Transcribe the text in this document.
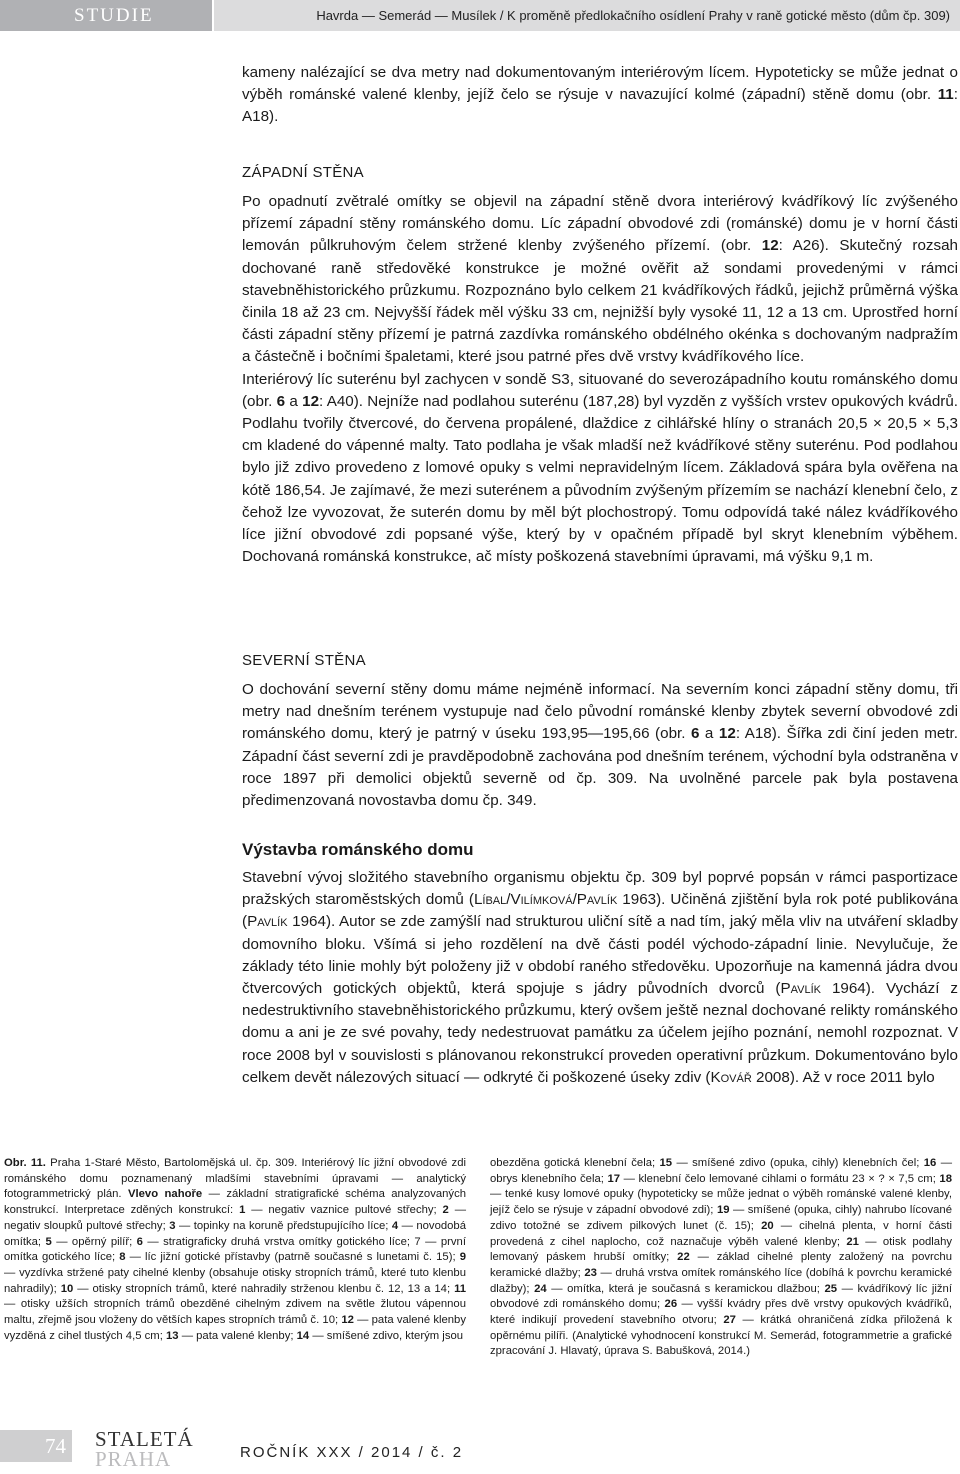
STUDIE	Havrda — Semerád — Musílek / K proměně předlokačního osídlení Prahy v raně gotické město (dům čp. 309)

kameny nalézající se dva metry nad dokumentovaným interiérovým lícem. Hypoteticky se může jednat o výběh románské valené klenby, jejíž čelo se rýsuje v navazující kolmé (západní) stěně domu (obr. 11: A18).

ZÁPADNÍ STĚNA

Po opadnutí zvětralé omítky se objevil na západní stěně dvora interiérový kvádříkový líc zvýšeného přízemí západní stěny románského domu. Líc západní obvodové zdi (románské) domu je v horní části lemován půlkruhovým čelem stržené klenby zvýšeného přízemí. (obr. 12: A26). Skutečný rozsah dochované raně středověké konstrukce je možné ověřit až sondami provedenými v rámci stavebněhistorického průzkumu. Rozpoznáno bylo celkem 21 kvádříkových řádků, jejichž průměrná výška činila 18 až 23 cm. Nejvyšší řádek měl výšku 33 cm, nejnižší byly vysoké 11, 12 a 13 cm. Uprostřed horní části západní stěny přízemí je patrná zazdívka románského obdélného okénka s dochovaným nadpražím a částečně i bočními špaletami, které jsou patrné přes dvě vrstvy kvádříkového líce.

Interiérový líc suterénu byl zachycen v sondě S3, situované do severozápadního koutu románského domu (obr. 6 a 12: A40). Nejníže nad podlahou suterénu (187,28) byl vyzděn z vyšších vrstev opukových kvádrů. Podlahu tvořily čtvercové, do červena propálené, dlaždice z cihlářské hlíny o stranách 20,5 × 20,5 × 5,3 cm kladené do vápenné malty. Tato podlaha je však mladší než kvádříkové stěny suterénu. Pod podlahou bylo již zdivo provedeno z lomové opuky s velmi nepravidelným lícem. Základová spára byla ověřena na kótě 186,54. Je zajímavé, že mezi suterénem a původním zvýšeným přízemím se nachází klenební čelo, z čehož lze vyvozovat, že suterén domu by měl být plochostropý. Tomu odpovídá také nález kvádříkového líce jižní obvodové zdi popsané výše, který by v opačném případě byl skryt klenebním výběhem. Dochovaná románská konstrukce, ač místy poškozená stavebními úpravami, má výšku 9,1 m.

SEVERNÍ STĚNA

O dochování severní stěny domu máme nejméně informací. Na severním konci západní stěny domu, tři metry nad dnešním terénem vystupuje nad čelo původní románské klenby zbytek severní obvodové zdi románského domu, který je patrný v úseku 193,95—195,66 (obr. 6 a 12: A18). Šířka zdi činí jeden metr. Západní část severní zdi je pravděpodobně zachována pod dnešním terénem, východní byla odstraněna v roce 1897 při demolici objektů severně od čp. 309. Na uvolněné parcele pak byla postavena předimenzovaná novostavba domu čp. 349.

Výstavba románského domu

Stavební vývoj složitého stavebního organismu objektu čp. 309 byl poprvé popsán v rámci pasportizace pražských staroměstských domů (Líbal/Vilímková/Pavlík 1963). Učiněná zjištění byla rok poté publikována (Pavlík 1964). Autor se zde zamýšlí nad strukturou uliční sítě a nad tím, jaký měla vliv na utváření skladby domovního bloku. Všímá si jeho rozdělení na dvě části podél východo-západní linie. Nevylučuje, že základy této linie mohly být položeny již v období raného středověku. Upozorňuje na kamenná jádra dvou čtvercových gotických objektů, která spojuje s jádry původních dvorců (Pavlík 1964). Vychází z nedestruktivního stavebněhistorického průzkumu, který ovšem ještě neznal dochované relikty románského domu a ani je ze své povahy, tedy nedestruovat památku za účelem jejího poznání, nemohl rozpoznat. V roce 2008 byl v souvislosti s plánovanou rekonstrukcí proveden operativní průzkum. Dokumentováno bylo celkem devět nálezových situací — odkryté či poškozené úseky zdiv (Kovář 2008). Až v roce 2011 bylo

Obr. 11. Praha 1-Staré Město, Bartolomějská ul. čp. 309. Interiérový líc jižní obvodové zdi románského domu poznamenaný mladšími stavebními úpravami — analytický fotogrammetrický plán. Vlevo nahoře — základní stratigrafické schéma analyzovaných konstrukcí. Interpretace zděných konstrukcí: 1 — negativ vaznice pultové střechy; 2 — negativ sloupků pultové střechy; 3 — topinky na koruně předstupujícího líce; 4 — novodobá omítka; 5 — opěrný pilíř; 6 — stratigraficky druhá vrstva omítky gotického líce; 7 — první omítka gotického líce; 8 — líc jižní gotické přístavby (patrně současné s lunetami č. 15); 9 — vyzdívka stržené paty cihelné klenby (obsahuje otisky stropních trámů, které tuto klenbu nahradily); 10 — otisky stropních trámů, které nahradily strženou klenbu č. 12, 13 a 14; 11 — otisky užších stropních trámů obezděné cihelným zdivem na světle žlutou vápennou maltu, zřejmě jsou vloženy do větších kapes stropních trámů č. 10; 12 — pata valené klenby vyzděná z cihel tlustých 4,5 cm; 13 — pata valené klenby; 14 — smíšené zdivo, kterým jsou

obezděna gotická klenební čela; 15 — smíšené zdivo (opuka, cihly) klenebních čel; 16 — obrys klenebního čela; 17 — klenební čelo lemované cihlami o formátu 23 × ? × 7,5 cm; 18 — tenké kusy lomové opuky (hypoteticky se může jednat o výběh románské valené klenby, jejíž čelo se rýsuje v západní obvodové zdi); 19 — smíšené (opuka, cihly) nahrubo lícované zdivo totožné se zdivem pilkových lunet (č. 15); 20 — cihelná plenta, v horní části provedená z cihel naplocho, což naznačuje výběh valené klenby; 21 — otisk podlahy lemovaný páskem hrubší omítky; 22 — základ cihelné plenty založený na povrchu keramické dlažby; 23 — druhá vrstva omítek románského líce (dobíhá k povrchu keramické dlažby); 24 — omítka, která je současná s keramickou dlažbou; 25 — kvádříkový líc jižní obvodové zdi románského domu; 26 — vyšší kvádry přes dvě vrstvy opukových kvádříků, které indikují provedení stavebního otvoru; 27 — krátká ohraničená zídka přiložená k opěrnému pilíři. (Analytické vyhodnocení konstrukcí M. Semerád, fotogrammetrie a grafické zpracování J. Hlavatý, úprava S. Babušková, 2014.)

74 STALETÁ
PRAHA	ROČNÍK XXX / 2014 / č. 2
